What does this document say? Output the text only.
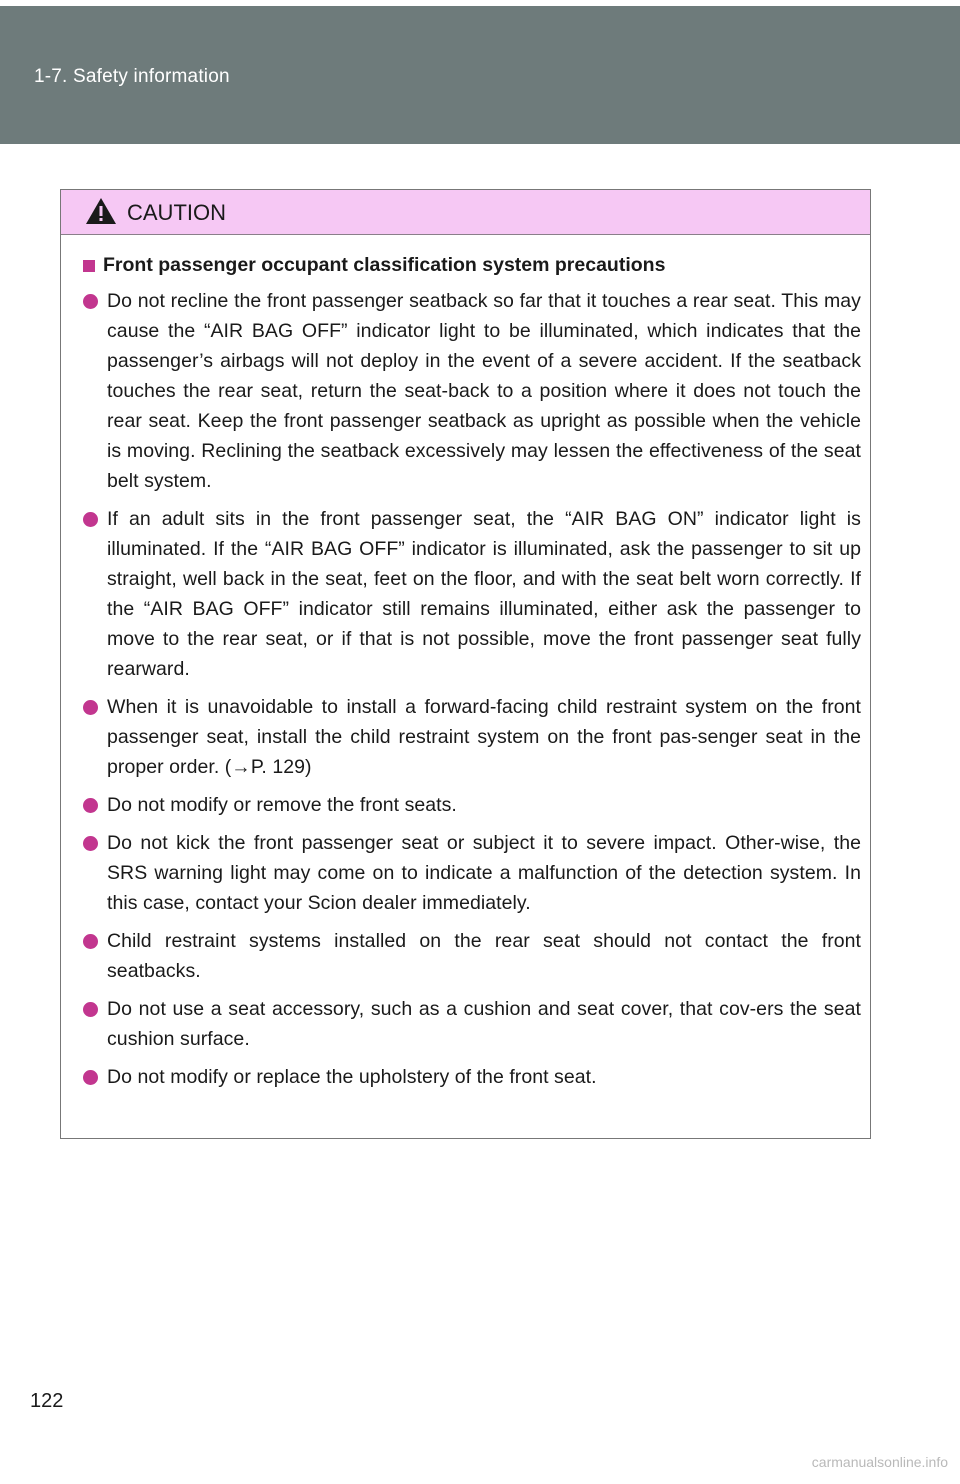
1-7. Safety information
CAUTION
Front passenger occupant classification system precautions
Do not recline the front passenger seatback so far that it touches a rear seat. This may cause the “AIR BAG OFF” indicator light to be illuminated, which indicates that the passenger’s airbags will not deploy in the event of a severe accident. If the seatback touches the rear seat, return the seat-back to a position where it does not touch the rear seat. Keep the front passenger seatback as upright as possible when the vehicle is moving. Reclining the seatback excessively may lessen the effectiveness of the seat belt system.
If an adult sits in the front passenger seat, the “AIR BAG ON” indicator light is illuminated. If the “AIR BAG OFF” indicator is illuminated, ask the passenger to sit up straight, well back in the seat, feet on the floor, and with the seat belt worn correctly. If the “AIR BAG OFF” indicator still remains illuminated, either ask the passenger to move to the rear seat, or if that is not possible, move the front passenger seat fully rearward.
When it is unavoidable to install a forward-facing child restraint system on the front passenger seat, install the child restraint system on the front pas-senger seat in the proper order. (→P. 129)
Do not modify or remove the front seats.
Do not kick the front passenger seat or subject it to severe impact. Other-wise, the SRS warning light may come on to indicate a malfunction of the detection system. In this case, contact your Scion dealer immediately.
Child restraint systems installed on the rear seat should not contact the front seatbacks.
Do not use a seat accessory, such as a cushion and seat cover, that cov-ers the seat cushion surface.
Do not modify or replace the upholstery of the front seat.
122
carmanualsonline.info
